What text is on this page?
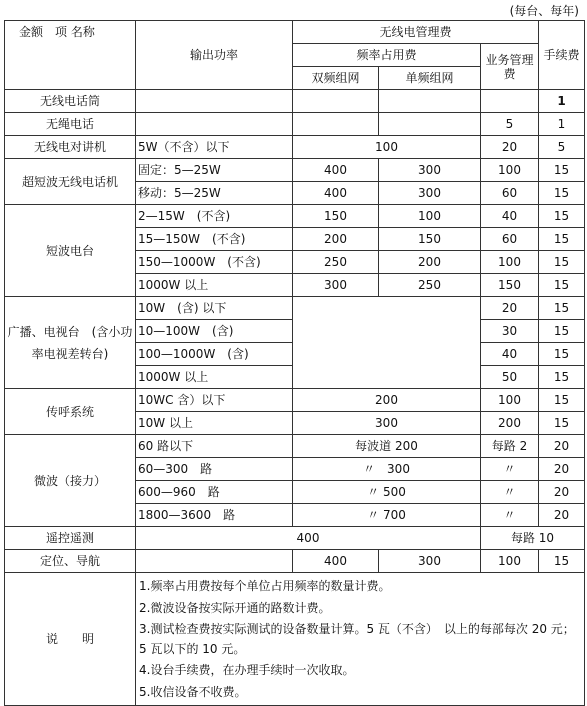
(每台、每年)
金额　项 名称	输出功率	无线电管理费			手续费
		频率占用费		业务管理费	
		双频组网	单频组网		
无线电话筒					1
无绳电话				5	1
无线电对讲机	5W（不含）以下	100		20	5
超短波无线电话机	固定：5—25W	400	300	100	15
	移动：5—25W	400	300	60	15
短波电台	2—15W　(不含)	150	100	40	15
	15—150W　(不含)	200	150	60	15
	150—1000W　(不含)	250	200	100	15
	1000W 以上	300	250	150	15
广播、电视台　(含小功率电视差转台)	10W　(含) 以下			20	15
	10—100W　(含)			30	15
	100—1000W　(含)			40	15
	1000W 以上			50	15
传呼系统	10WC 含）以下	200		100	15
	10W 以上	300		200	15
微波（接力）	60 路以下	每波道 200		每路 2	20
	60—300　路	〃　300		〃	20
	600—960　路	〃 500		〃	20
	1800—3600　路	〃 700		〃	20
遥控遥测	400			每路 10	
定位、导航		400	300	100	15
说　　明	1.频率占用费按每个单位占用频率的数量计费。
2.微波设备按实际开通的路数计费。
3.测试检查费按实际测试的设备数量计算。5 瓦（不含）　以上的每部每次 20 元；5 瓦以下的 10 元。
4.设台手续费，在办理手续时一次收取。
5.收信设备不收费。				
